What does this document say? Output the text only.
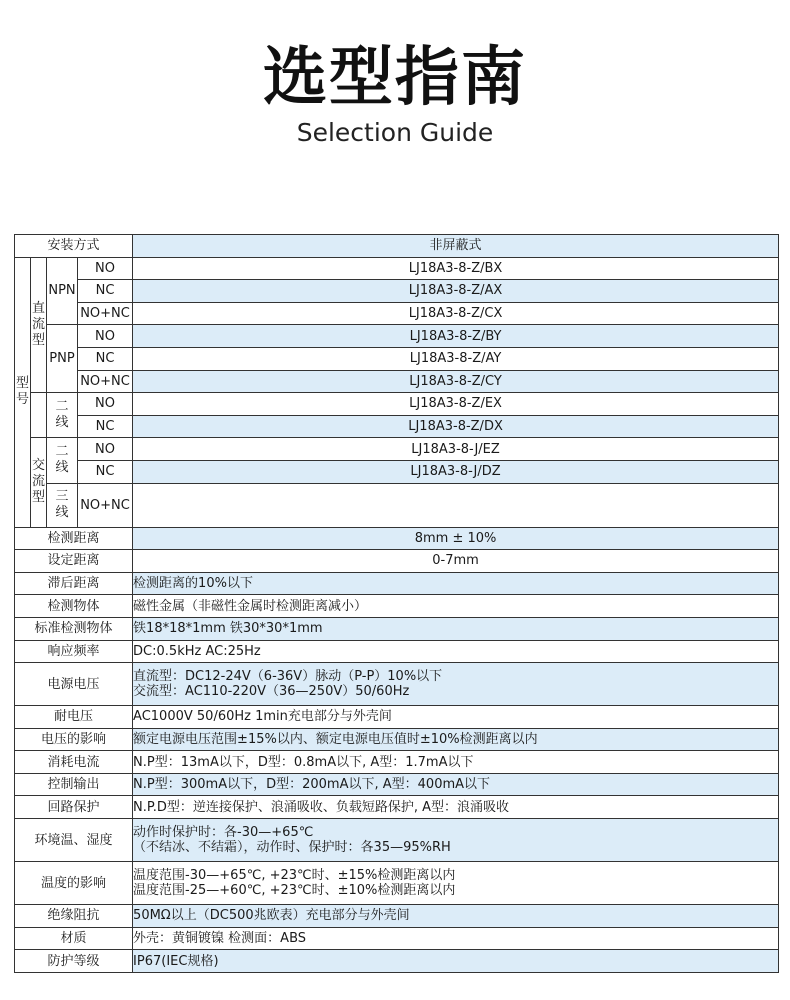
选型指南
Selection Guide
安装方式				非屏蔽式
型号	直流型	NPN	NO	LJ18A3-8-Z/BX
			NC	LJ18A3-8-Z/AX
			NO+NC	LJ18A3-8-Z/CX
		PNP	NO	LJ18A3-8-Z/BY
			NC	LJ18A3-8-Z/AY
			NO+NC	LJ18A3-8-Z/CY
		二线	NO	LJ18A3-8-Z/EX
			NC	LJ18A3-8-Z/DX
	交流型	二线	NO	LJ18A3-8-J/EZ
			NC	LJ18A3-8-J/DZ
		三线	NO+NC	
检测距离				8mm ± 10%

设定距离				0-7mm

滞后距离				检测距离的10%以下

检测物体				磁性金属（非磁性金属时检测距离减小）

标准检测物体				铁18*18*1mm 铁30*30*1mm

响应频率				DC:0.5kHz AC:25Hz

电源电压				直流型：DC12-24V（6-36V）脉动（P-P）10%以下
交流型：AC110-220V（36—250V）50/60Hz

耐电压				AC1000V 50/60Hz 1min充电部分与外壳间

电压的影响				额定电源电压范围±15%以内、额定电源电压值时±10%检测距离以内

消耗电流				N.P型：13mA以下，D型：0.8mA以下, A型：1.7mA以下

控制输出				N.P型：300mA以下，D型：200mA以下, A型：400mA以下

回路保护				N.P.D型：逆连接保护、浪涌吸收、负载短路保护, A型：浪涌吸收

环境温、湿度				动作时保护时：各-30—+65℃
（不结冰、不结霜），动作时、保护时：各35—95%RH

温度的影响				温度范围-30—+65℃, +23℃时、±15%检测距离以内
温度范围-25—+60℃, +23℃时、±10%检测距离以内

绝缘阻抗				50MΩ以上（DC500兆欧表）充电部分与外壳间

材质				外壳：黄铜镀镍 检测面：ABS

防护等级				IP67(IEC规格)
